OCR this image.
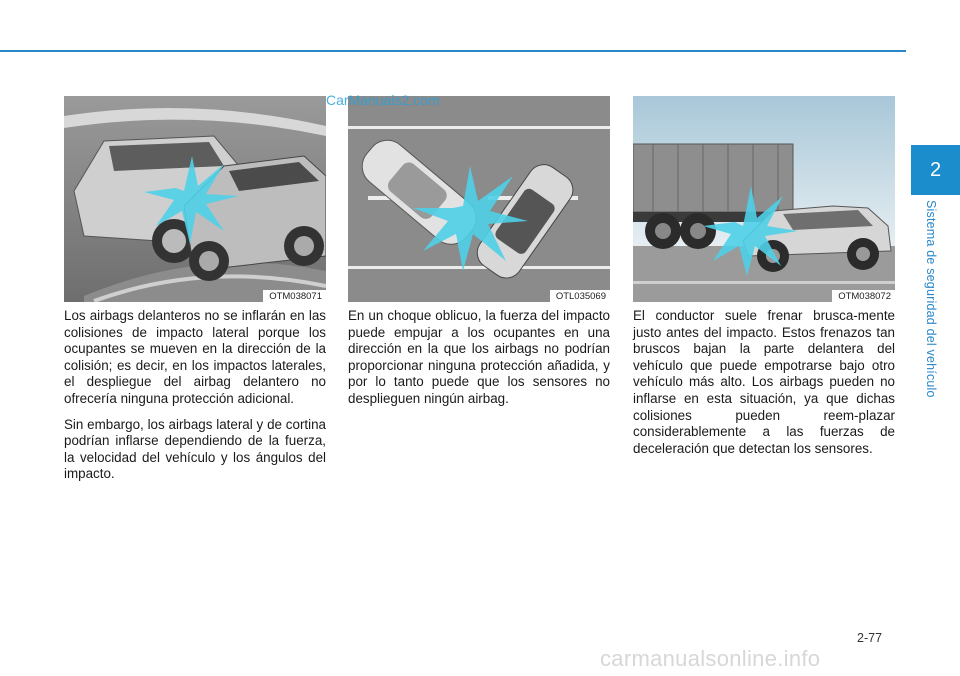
2
Sistema de seguridad del vehículo
OTM038071	OTL035069	OTM038072
CarManuals2.com

Los airbags delanteros no se inflarán en las colisiones de impacto lateral porque los ocupantes se mueven en la dirección de la colisión; es decir, en los impactos laterales, el despliegue del airbag delantero no ofrecería ninguna protección adicional.

Sin embargo, los airbags lateral y de cortina podrían inflarse dependiendo de la fuerza, la velocidad del vehículo y los ángulos del impacto.

En un choque oblicuo, la fuerza del impacto puede empujar a los ocupantes en una dirección en la que los airbags no podrían proporcionar ninguna protección añadida, y por lo tanto puede que los sensores no desplieguen ningún airbag.

El conductor suele frenar brusca-mente justo antes del impacto. Estos frenazos tan bruscos bajan la parte delantera del vehículo que puede empotrarse bajo otro vehículo más alto. Los airbags pueden no inflarse en esta situación, ya que dichas colisiones pueden reem-plazar considerablemente a las fuerzas de deceleración que detectan los sensores.

2-77
carmanualsonline.info
